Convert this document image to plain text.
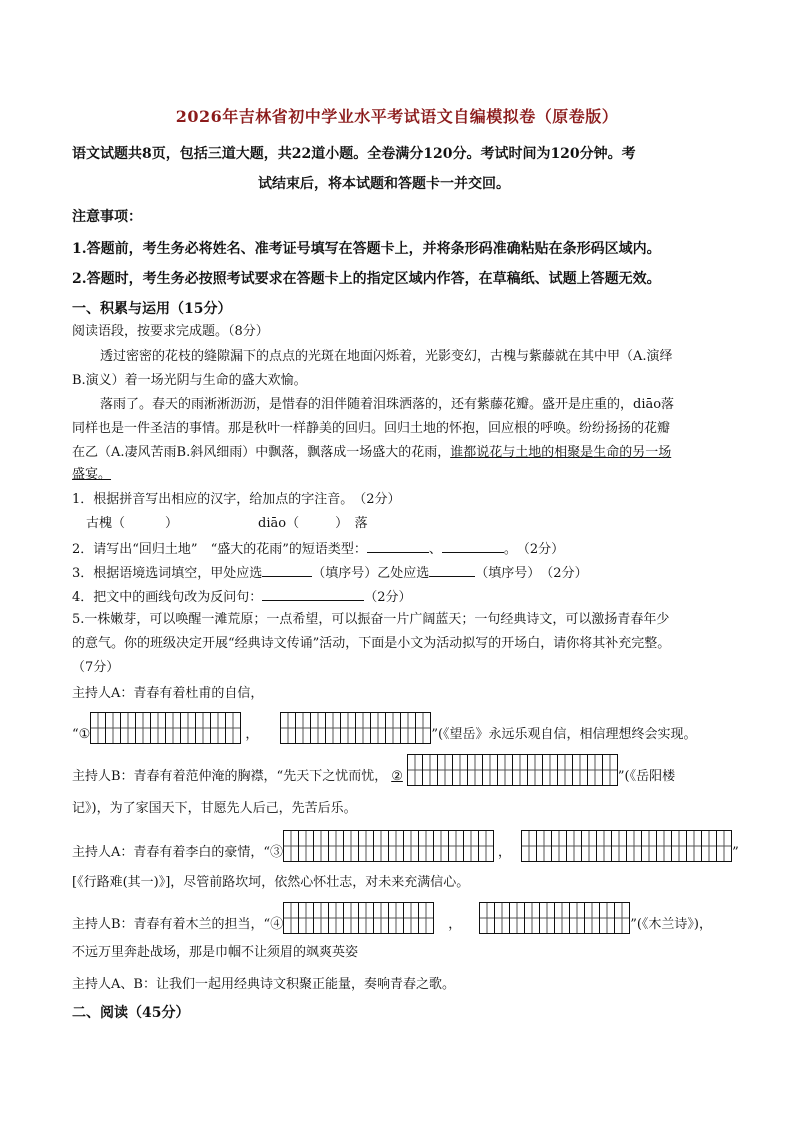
2026年吉林省初中学业水平考试语文自编模拟卷（原卷版）
语文试题共8页，包括三道大题，共22道小题。全卷满分120分。考试时间为120分钟。考
试结束后，将本试题和答题卡一并交回。
注意事项：
1.答题前，考生务必将姓名、准考证号填写在答题卡上，并将条形码准确粘贴在条形码区域内。
2.答题时，考生务必按照考试要求在答题卡上的指定区域内作答，在草稿纸、试题上答题无效。
一、积累与运用（15分）
阅读语段，按要求完成题。（8分）
透过密密的花枝的缝隙漏下的点点的光斑在地面闪烁着，光影变幻，古槐与紫藤就在其中甲（A.演绎
B.演义）着一场光阴与生命的盛大欢愉。
落雨了。春天的雨淅淅沥沥，是惜春的泪伴随着泪珠洒落的，还有紫藤花瓣。盛开是庄重的，diāo落
同样也是一件圣洁的事情。那是秋叶一样静美的回归。回归土地的怀抱，回应根的呼唤。纷纷扬扬的花瓣
在乙（A.凄风苦雨B.斜风细雨）中飘落，飘落成一场盛大的花雨，谁都说花与土地的相聚是生命的另一场
盛宴。
1．根据拼音写出相应的汉字，给加点的字注音。　（2分）
古槐（	）	diāo（	）　落
2．请写出“回归土地”　“盛大的花雨”的短语类型：	、	。　（2分）
3．根据语境选词填空，甲处应选	（填序号）乙处应选	（填序号）　（2分）
4．把文中的画线句改为反问句：	（2分）
5.一株嫩芽，可以唤醒一滩荒原；一点希望，可以振奋一片广阔蓝天；一句经典诗文，可以激扬青春年少
的意气。你的班级决定开展“经典诗文传诵”活动，下面是小文为活动拟写的开场白，请你将其补充完整。
（7分）
主持人A：青春有着杜甫的自信，
“①	，	”(《望岳》永远乐观自信，相信理想终会实现。
主持人B：青春有着范仲淹的胸襟，“先天下之忧而忧， ②	”(《岳阳楼
记》)，为了家国天下，甘愿先人后己，先苦后乐。
主持人A：青春有着李白的豪情，“③	，	”
[《行路难(其一)》]，尽管前路坎坷，依然心怀壮志，对未来充满信心。
主持人B：青春有着木兰的担当，“④	，	”(《木兰诗》)，
不远万里奔赴战场，那是巾帼不让须眉的飒爽英姿
主持人A、B：让我们一起用经典诗文积聚正能量，奏响青春之歌。
二、阅读（45分）
